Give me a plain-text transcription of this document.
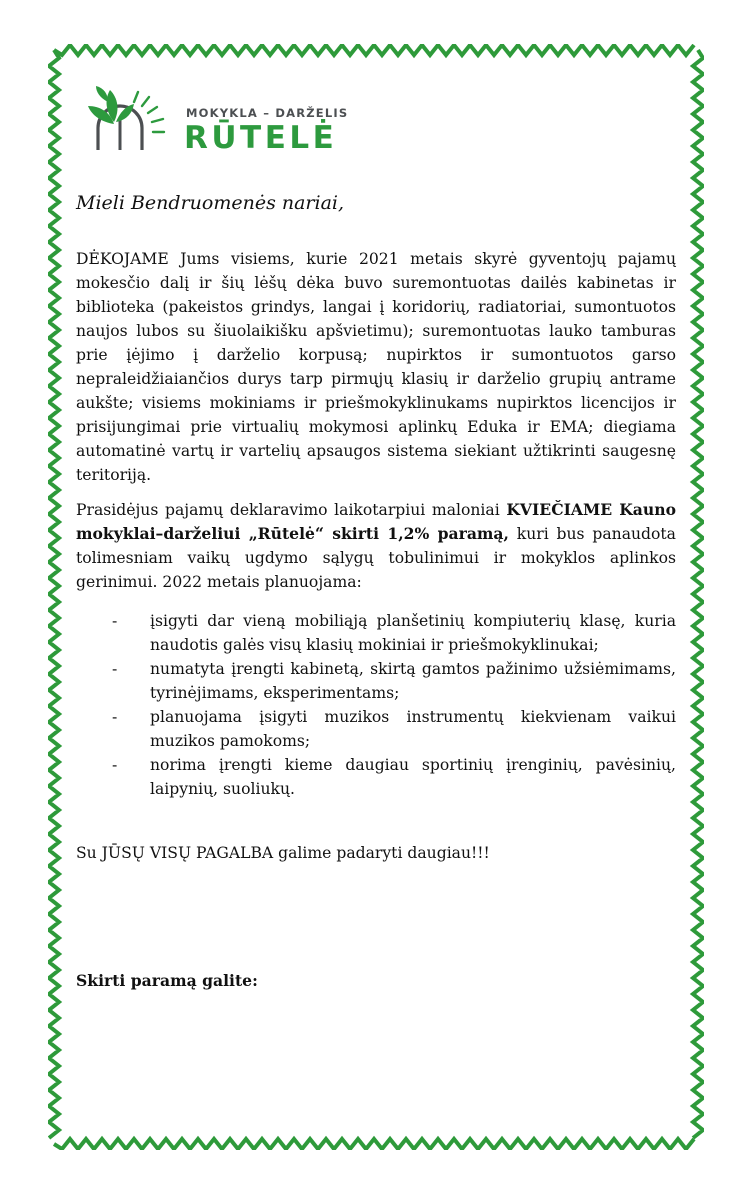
MOKYKLA – DARŽELIS
RŪTELĖ

Mieli Bendruomenės nariai,

DĖKOJAME Jums visiems, kurie 2021 metais skyrė gyventojų pajamų mokesčio dalį ir šių lėšų dėka buvo suremontuotas dailės kabinetas ir biblioteka (pakeistos grindys, langai į koridorių, radiatoriai, sumontuotos naujos lubos su šiuolaikišku apšvietimu); suremontuotas lauko tamburas prie įėjimo į darželio korpusą; nupirktos ir sumontuotos garso nepraleidžiaiančios durys tarp pirmųjų klasių ir darželio grupių antrame aukšte; visiems mokiniams ir priešmokyklinukams nupirktos licencijos ir prisijungimai prie virtualių mokymosi aplinkų Eduka ir EMA; diegiama automatinė vartų ir vartelių apsaugos sistema siekiant užtikrinti saugesnę teritoriją.

Prasidėjus pajamų deklaravimo laikotarpiui maloniai KVIEČIAME Kauno mokyklai–darželiui „Rūtelė“ skirti 1,2% paramą, kuri bus panaudota tolimesniam vaikų ugdymo sąlygų tobulinimui ir mokyklos aplinkos gerinimui. 2022 metais planuojama:

- įsigyti dar vieną mobiliąją planšetinių kompiuterių klasę, kuria naudotis galės visų klasių mokiniai ir priešmokyklinukai;
- numatyta įrengti kabinetą, skirtą gamtos pažinimo užsiėmimams, tyrinėjimams, eksperimentams;
- planuojama įsigyti muzikos instrumentų kiekvienam vaikui muzikos pamokoms;
- norima įrengti kieme daugiau sportinių įrenginių, pavėsinių, laipynių, suoliukų.

Su JŪSŲ VISŲ PAGALBA galime padaryti daugiau!!!

Skirti paramą galite:
